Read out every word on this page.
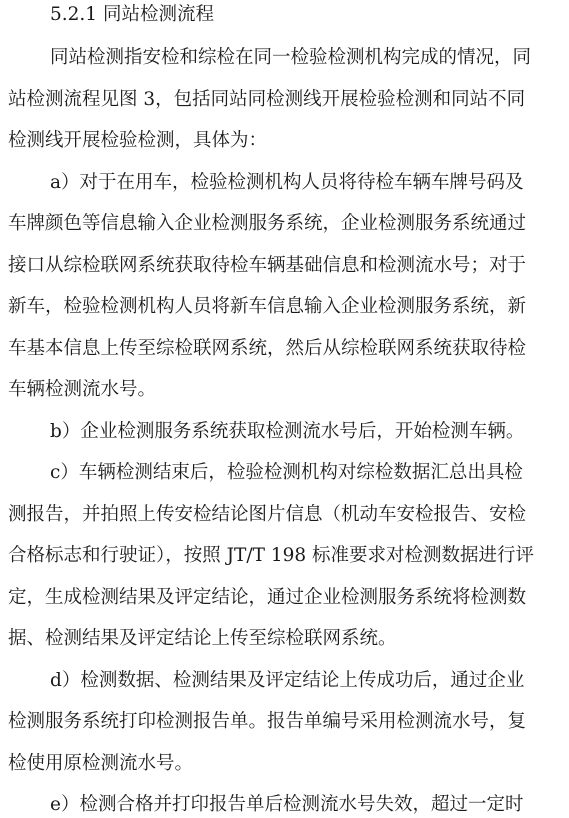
5.2.1 同站检测流程
同站检测指安检和综检在同一检验检测机构完成的情况，同
站检测流程见图 3，包括同站同检测线开展检验检测和同站不同
检测线开展检验检测，具体为：
a）对于在用车，检验检测机构人员将待检车辆车牌号码及
车牌颜色等信息输入企业检测服务系统，企业检测服务系统通过
接口从综检联网系统获取待检车辆基础信息和检测流水号；对于
新车，检验检测机构人员将新车信息输入企业检测服务系统，新
车基本信息上传至综检联网系统，然后从综检联网系统获取待检
车辆检测流水号。
b）企业检测服务系统获取检测流水号后，开始检测车辆。
c）车辆检测结束后，检验检测机构对综检数据汇总出具检
测报告，并拍照上传安检结论图片信息（机动车安检报告、安检
合格标志和行驶证），按照 JT/T 198 标准要求对检测数据进行评
定，生成检测结果及评定结论，通过企业检测服务系统将检测数
据、检测结果及评定结论上传至综检联网系统。
d）检测数据、检测结果及评定结论上传成功后，通过企业
检测服务系统打印检测报告单。报告单编号采用检测流水号，复
检使用原检测流水号。
e）检测合格并打印报告单后检测流水号失效，超过一定时
